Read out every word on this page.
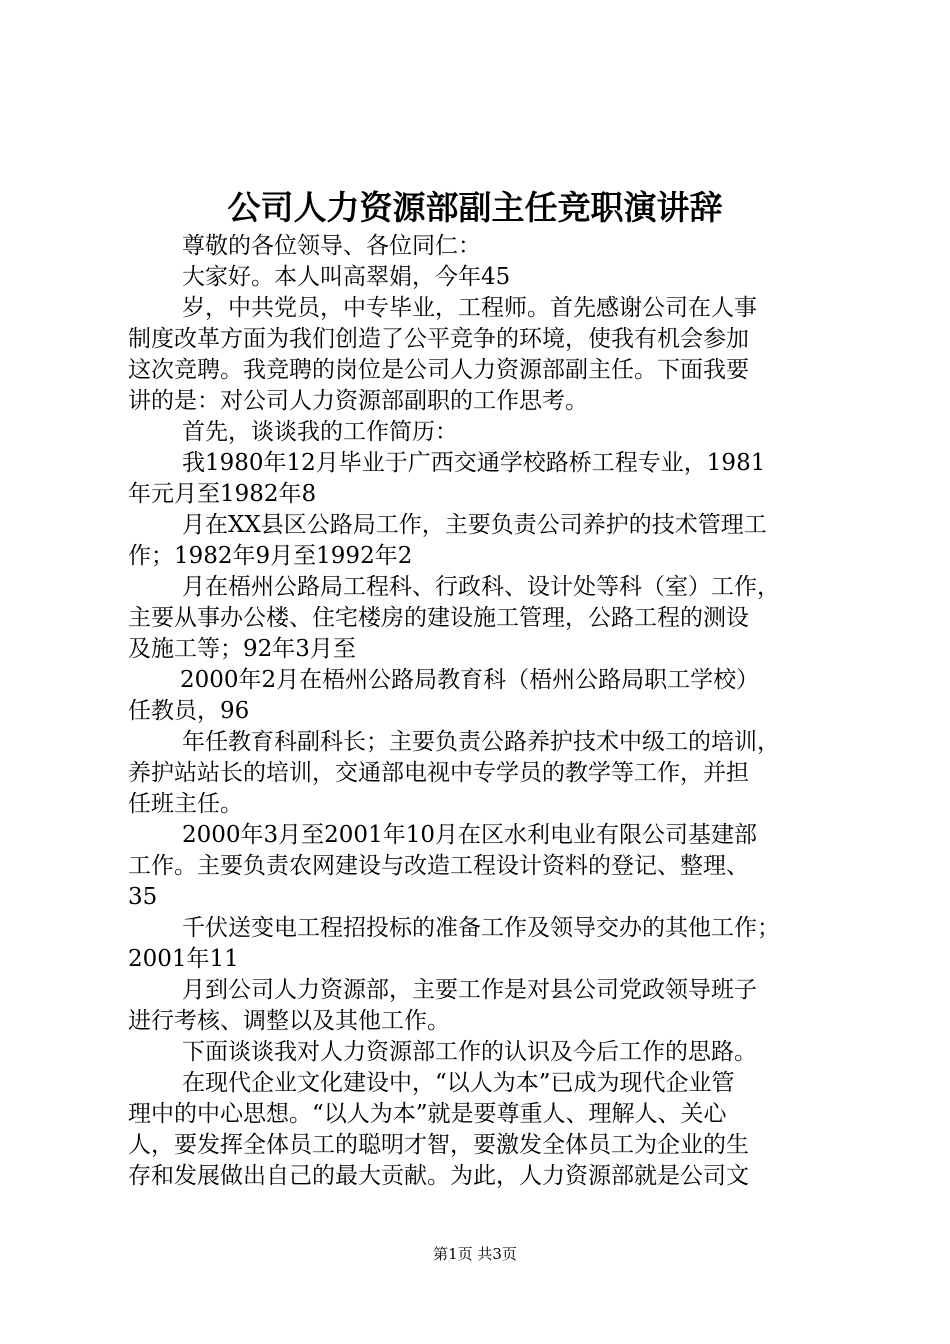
公司人力资源部副主任竞职演讲辞
尊敬的各位领导、各位同仁：
大家好。本人叫高翠娟，今年45
岁，中共党员，中专毕业，工程师。首先感谢公司在人事
制度改革方面为我们创造了公平竞争的环境，使我有机会参加
这次竞聘。我竞聘的岗位是公司人力资源部副主任。下面我要
讲的是：对公司人力资源部副职的工作思考。
首先，谈谈我的工作简历：
我1980年12月毕业于广西交通学校路桥工程专业，1981
年元月至1982年8
月在XX县区公路局工作，主要负责公司养护的技术管理工
作；1982年9月至1992年2
月在梧州公路局工程科、行政科、设计处等科（室）工作，
主要从事办公楼、住宅楼房的建设施工管理，公路工程的测设
及施工等；92年3月至
2000年2月在梧州公路局教育科（梧州公路局职工学校）
任教员，96
年任教育科副科长；主要负责公路养护技术中级工的培训，
养护站站长的培训，交通部电视中专学员的教学等工作，并担
任班主任。
2000年3月至2001年10月在区水利电业有限公司基建部
工作。主要负责农网建设与改造工程设计资料的登记、整理、
35
千伏送变电工程招投标的准备工作及领导交办的其他工作；
2001年11
月到公司人力资源部，主要工作是对县公司党政领导班子
进行考核、调整以及其他工作。
下面谈谈我对人力资源部工作的认识及今后工作的思路。
在现代企业文化建设中，“以人为本”已成为现代企业管
理中的中心思想。“以人为本”就是要尊重人、理解人、关心
人，要发挥全体员工的聪明才智，要激发全体员工为企业的生
存和发展做出自己的最大贡献。为此，人力资源部就是公司文
第1页 共3页
